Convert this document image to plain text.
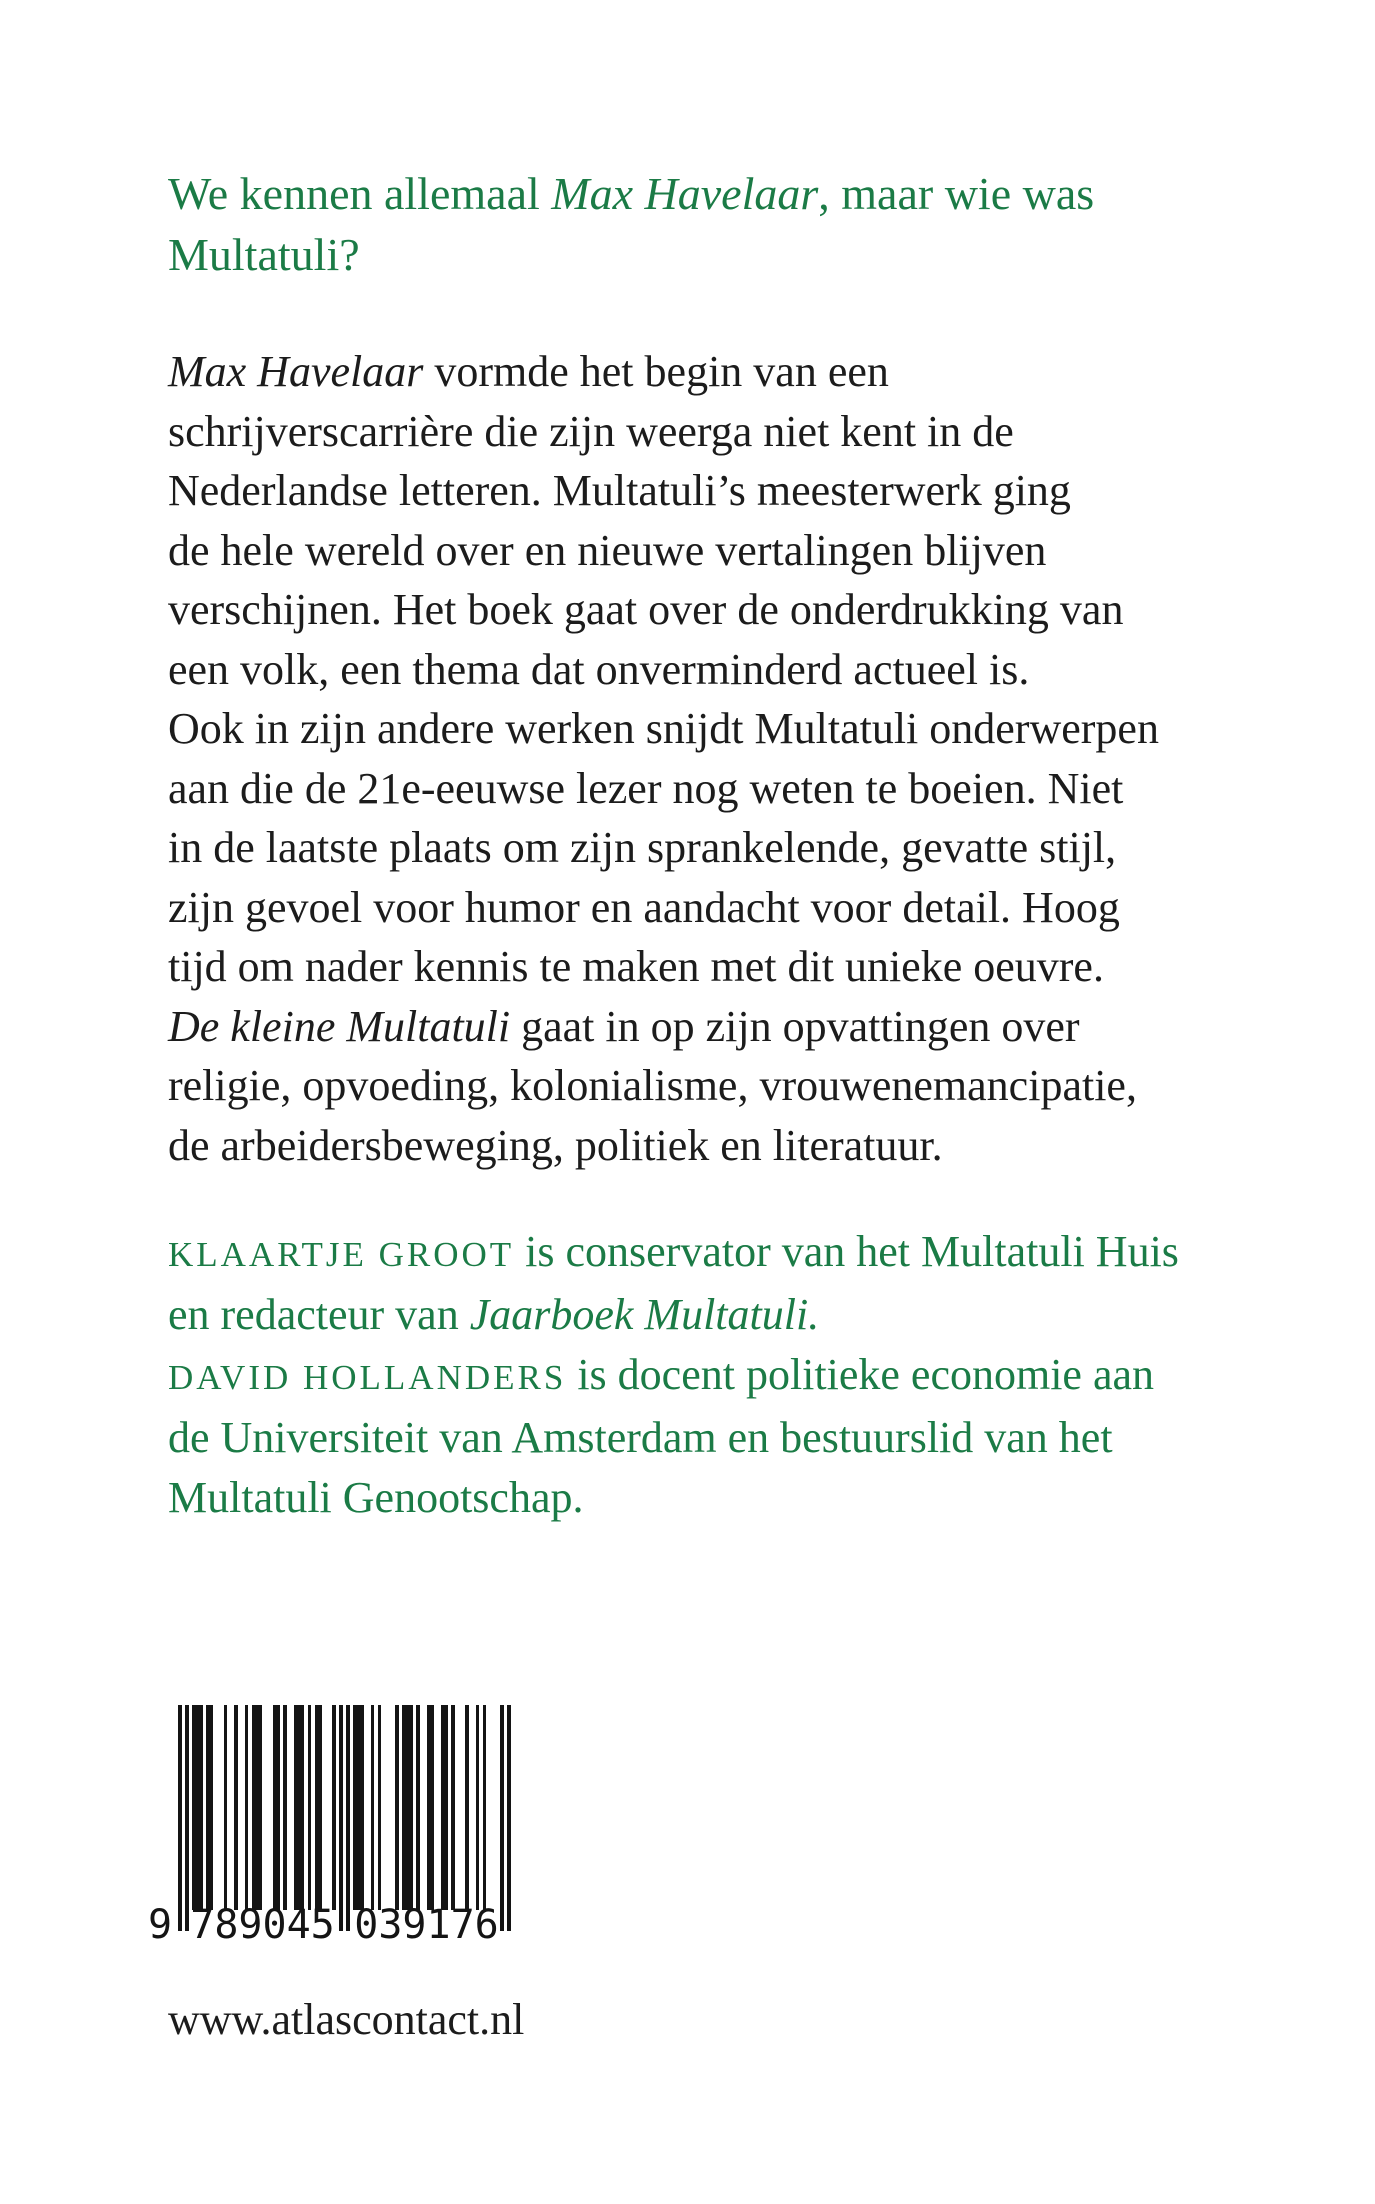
We kennen allemaal Max Havelaar, maar wie was
Multatuli?
Max Havelaar vormde het begin van een
schrijverscarrière die zijn weerga niet kent in de
Nederlandse letteren. Multatuli’s meesterwerk ging
de hele wereld over en nieuwe vertalingen blijven
verschijnen. Het boek gaat over de onderdrukking van
een volk, een thema dat onverminderd actueel is.
Ook in zijn andere werken snijdt Multatuli onderwerpen
aan die de 21e-eeuwse lezer nog weten te boeien. Niet
in de laatste plaats om zijn sprankelende, gevatte stijl,
zijn gevoel voor humor en aandacht voor detail. Hoog
tijd om nader kennis te maken met dit unieke oeuvre.
De kleine Multatuli gaat in op zijn opvattingen over
religie, opvoeding, kolonialisme, vrouwenemancipatie,
de arbeidersbeweging, politiek en literatuur.
KLAARTJE GROOT is conservator van het Multatuli Huis
en redacteur van Jaarboek Multatuli.
DAVID HOLLANDERS is docent politieke economie aan
de Universiteit van Amsterdam en bestuurslid van het
Multatuli Genootschap.
9 789045 039176
www.atlascontact.nl
